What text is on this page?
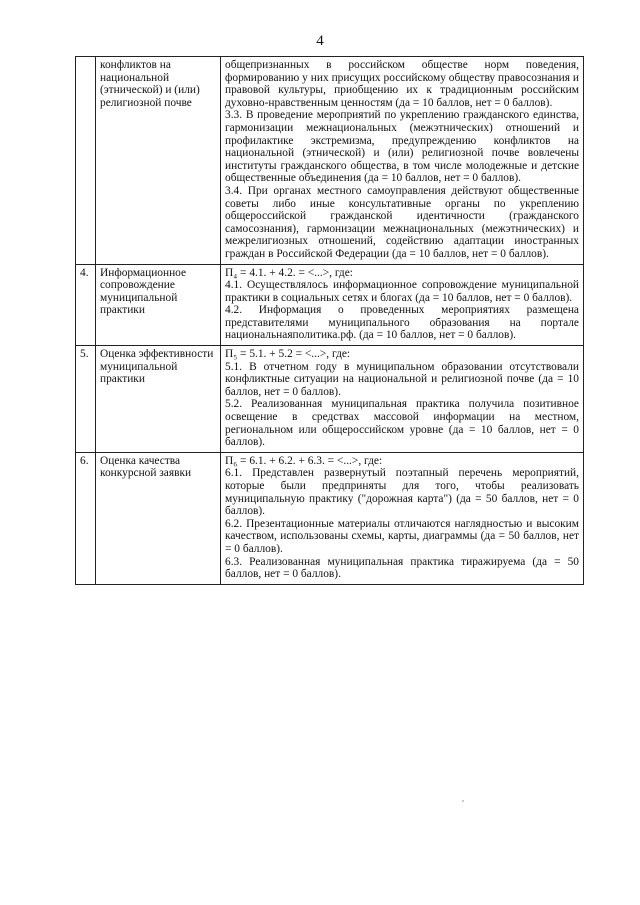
4
	конфликтов на национальной (этнической) и (или) религиозной почве	общепризнанных в российском обществе норм поведения, формированию у них присущих российскому обществу правосознания и правовой культуры, приобщению их к традиционным российским духовно-нравственным ценностям (да = 10 баллов, нет = 0 баллов).

3.3. В проведение мероприятий по укреплению гражданского единства, гармонизации межнациональных (межэтнических) отношений и профилактике экстремизма, предупреждению конфликтов на национальной (этнической) и (или) религиозной почве вовлечены институты гражданского общества, в том числе молодежные и детские общественные объединения (да = 10 баллов, нет = 0 баллов).

3.4. При органах местного самоуправления действуют общественные советы либо иные консультативные органы по укреплению общероссийской гражданской идентичности (гражданского самосознания), гармонизации межнациональных (межэтнических) и межрелигиозных отношений, содействию адаптации иностранных граждан в Российской Федерации (да = 10 баллов, нет = 0 баллов).

4.	Информационное сопровождение муниципальной практики	П₄ = 4.1. + 4.2. = <...>, где:

4.1. Осуществлялось информационное сопровождение муниципальной практики в социальных сетях и блогах (да = 10 баллов, нет = 0 баллов).

4.2. Информация о проведенных мероприятиях размещена представителями муниципального образования на портале национальнаяполитика.рф. (да = 10 баллов, нет = 0 баллов).

5.	Оценка эффективности муниципальной практики	П₅ = 5.1. + 5.2 = <...>, где:

5.1. В отчетном году в муниципальном образовании отсутствовали конфликтные ситуации на национальной и религиозной почве (да = 10 баллов, нет = 0 баллов).

5.2. Реализованная муниципальная практика получила позитивное освещение в средствах массовой информации на местном, региональном или общероссийском уровне (да = 10 баллов, нет = 0 баллов).

6.	Оценка качества конкурсной заявки	П₆ = 6.1. + 6.2. + 6.3. = <...>, где:

6.1. Представлен развернутый поэтапный перечень мероприятий, которые были предприняты для того, чтобы реализовать муниципальную практику ("дорожная карта") (да = 50 баллов, нет = 0 баллов).

6.2. Презентационные материалы отличаются наглядностью и высоким качеством, использованы схемы, карты, диаграммы (да = 50 баллов, нет = 0 баллов).

6.3. Реализованная муниципальная практика тиражируема (да = 50 баллов, нет = 0 баллов).
